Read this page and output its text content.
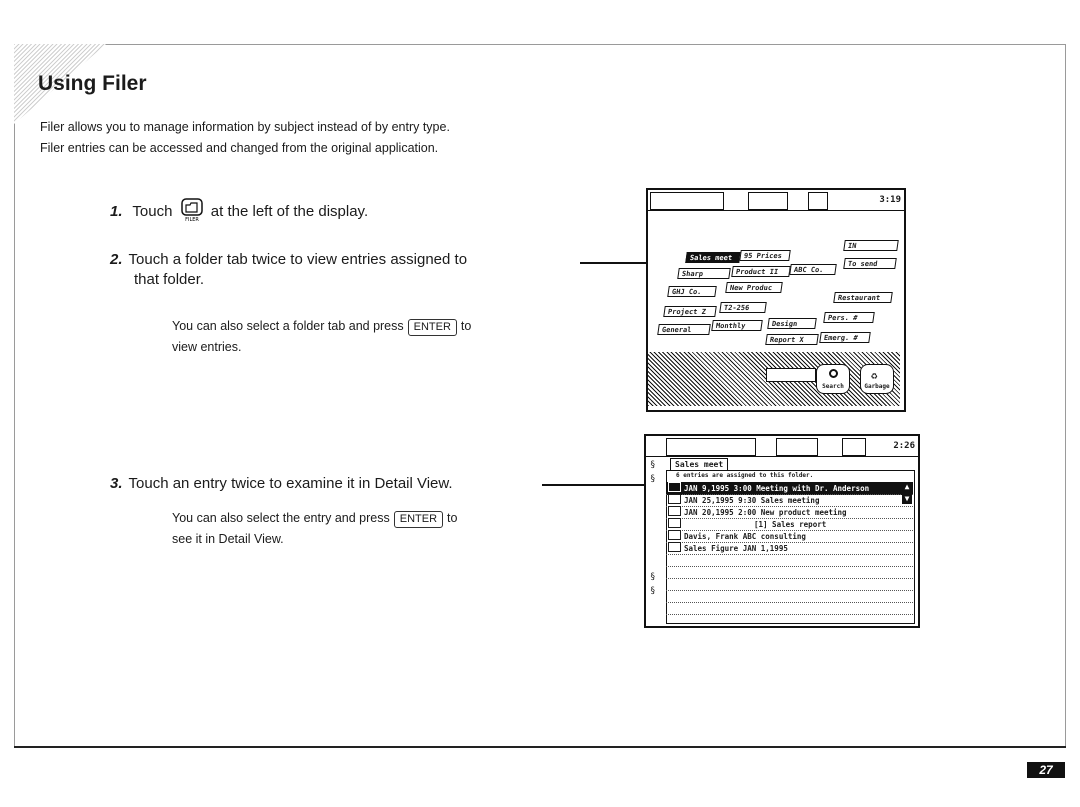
Using Filer
Filer allows you to manage information by subject instead of by entry type.
Filer entries can be accessed and changed from the original application.
1. Touch FILER at the left of the display.
2. Touch a folder tab twice to view entries assigned to
that folder.
You can also select a folder tab and press ENTER to
view entries.
3. Touch an entry twice to examine it in Detail View.
You can also select the entry and press ENTER to
see it in Detail View.
3:19
Sales meet	95 Prices
IN
Sharp	Product II	ABC Co.
To send
New Produc
GHJ Co.
Restaurant
Project Z	T2-256
Pers. #
Design
Monthly
General
Report X	Emerg. #
Search
♻
Garbage
2:26
§
§

§
§
Sales meet
6 entries are assigned to this folder.
JAN 9,1995 3:00 Meeting with Dr. Anderson
JAN 25,1995 9:30 Sales meeting
JAN 20,1995 2:00 New product meeting
[1] Sales report
Davis, Frank ABC consulting
Sales Figure JAN 1,1995
▲
▼
27
